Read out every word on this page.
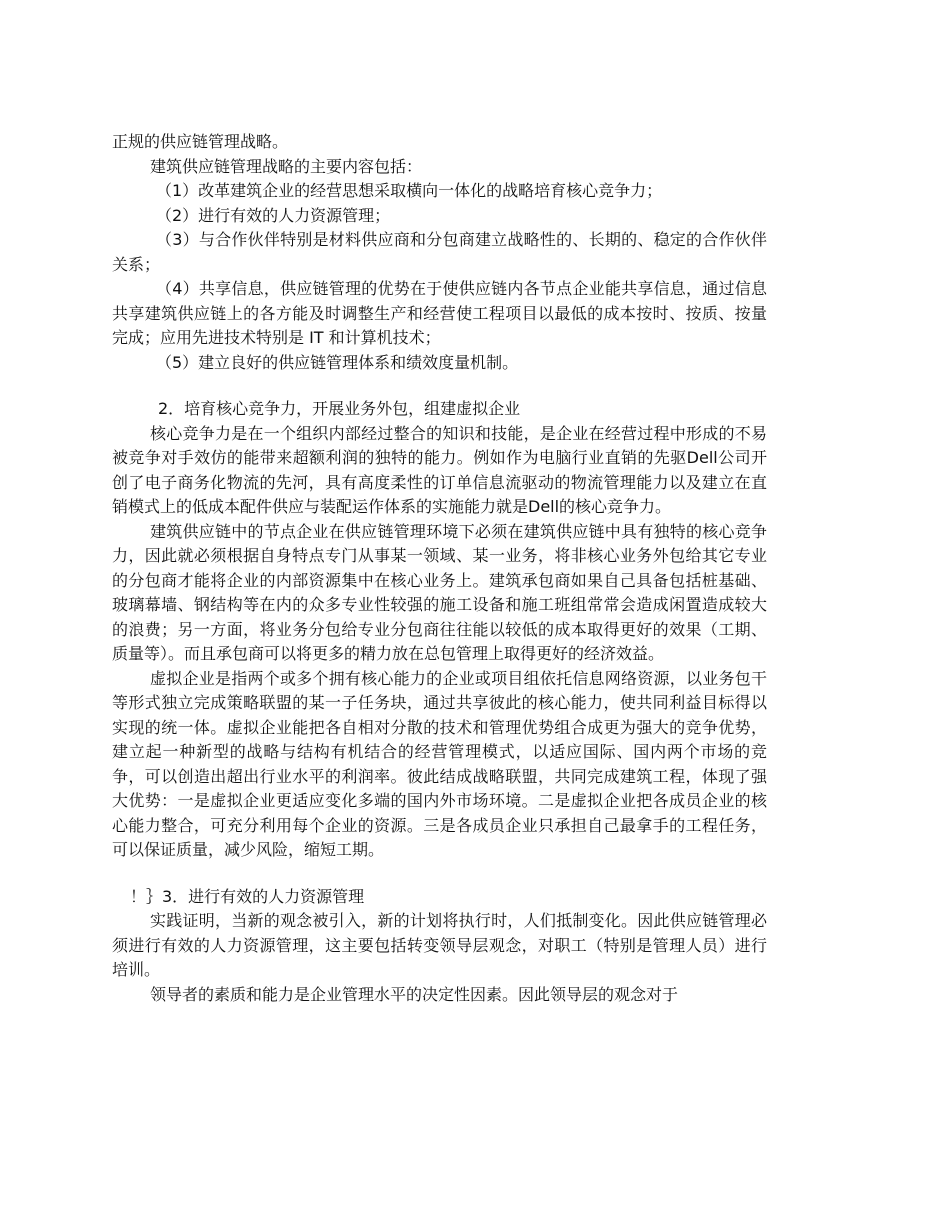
正规的供应链管理战略。

建筑供应链管理战略的主要内容包括：

（1）改革建筑企业的经营思想采取横向一体化的战略培育核心竞争力；

（2）进行有效的人力资源管理；

（3）与合作伙伴特别是材料供应商和分包商建立战略性的、长期的、稳定的合作伙伴关系；

（4）共享信息，供应链管理的优势在于使供应链内各节点企业能共享信息，通过信息共享建筑供应链上的各方能及时调整生产和经营使工程项目以最低的成本按时、按质、按量完成；应用先进技术特别是 IT 和计算机技术；

（5）建立良好的供应链管理体系和绩效度量机制。

2．培育核心竞争力，开展业务外包，组建虚拟企业

核心竞争力是在一个组织内部经过整合的知识和技能，是企业在经营过程中形成的不易被竞争对手效仿的能带来超额利润的独特的能力。例如作为电脑行业直销的先驱Dell公司开创了电子商务化物流的先河，具有高度柔性的订单信息流驱动的物流管理能力以及建立在直销模式上的低成本配件供应与装配运作体系的实施能力就是Dell的核心竞争力。

建筑供应链中的节点企业在供应链管理环境下必须在建筑供应链中具有独特的核心竞争力，因此就必须根据自身特点专门从事某一领域、某一业务，将非核心业务外包给其它专业的分包商才能将企业的内部资源集中在核心业务上。建筑承包商如果自己具备包括桩基础、玻璃幕墙、钢结构等在内的众多专业性较强的施工设备和施工班组常常会造成闲置造成较大的浪费；另一方面，将业务分包给专业分包商往往能以较低的成本取得更好的效果（工期、质量等）。而且承包商可以将更多的精力放在总包管理上取得更好的经济效益。

虚拟企业是指两个或多个拥有核心能力的企业或项目组依托信息网络资源，以业务包干等形式独立完成策略联盟的某一子任务块，通过共享彼此的核心能力，使共同利益目标得以实现的统一体。虚拟企业能把各自相对分散的技术和管理优势组合成更为强大的竞争优势，建立起一种新型的战略与结构有机结合的经营管理模式，以适应国际、国内两个市场的竞争，可以创造出超出行业水平的利润率。彼此结成战略联盟，共同完成建筑工程，体现了强大优势：一是虚拟企业更适应变化多端的国内外市场环境。二是虚拟企业把各成员企业的核心能力整合，可充分利用每个企业的资源。三是各成员企业只承担自己最拿手的工程任务，可以保证质量，减少风险，缩短工期。

！｝3．进行有效的人力资源管理

实践证明，当新的观念被引入，新的计划将执行时，人们抵制变化。因此供应链管理必须进行有效的人力资源管理，这主要包括转变领导层观念，对职工（特别是管理人员）进行培训。

领导者的素质和能力是企业管理水平的决定性因素。因此领导层的观念对于
